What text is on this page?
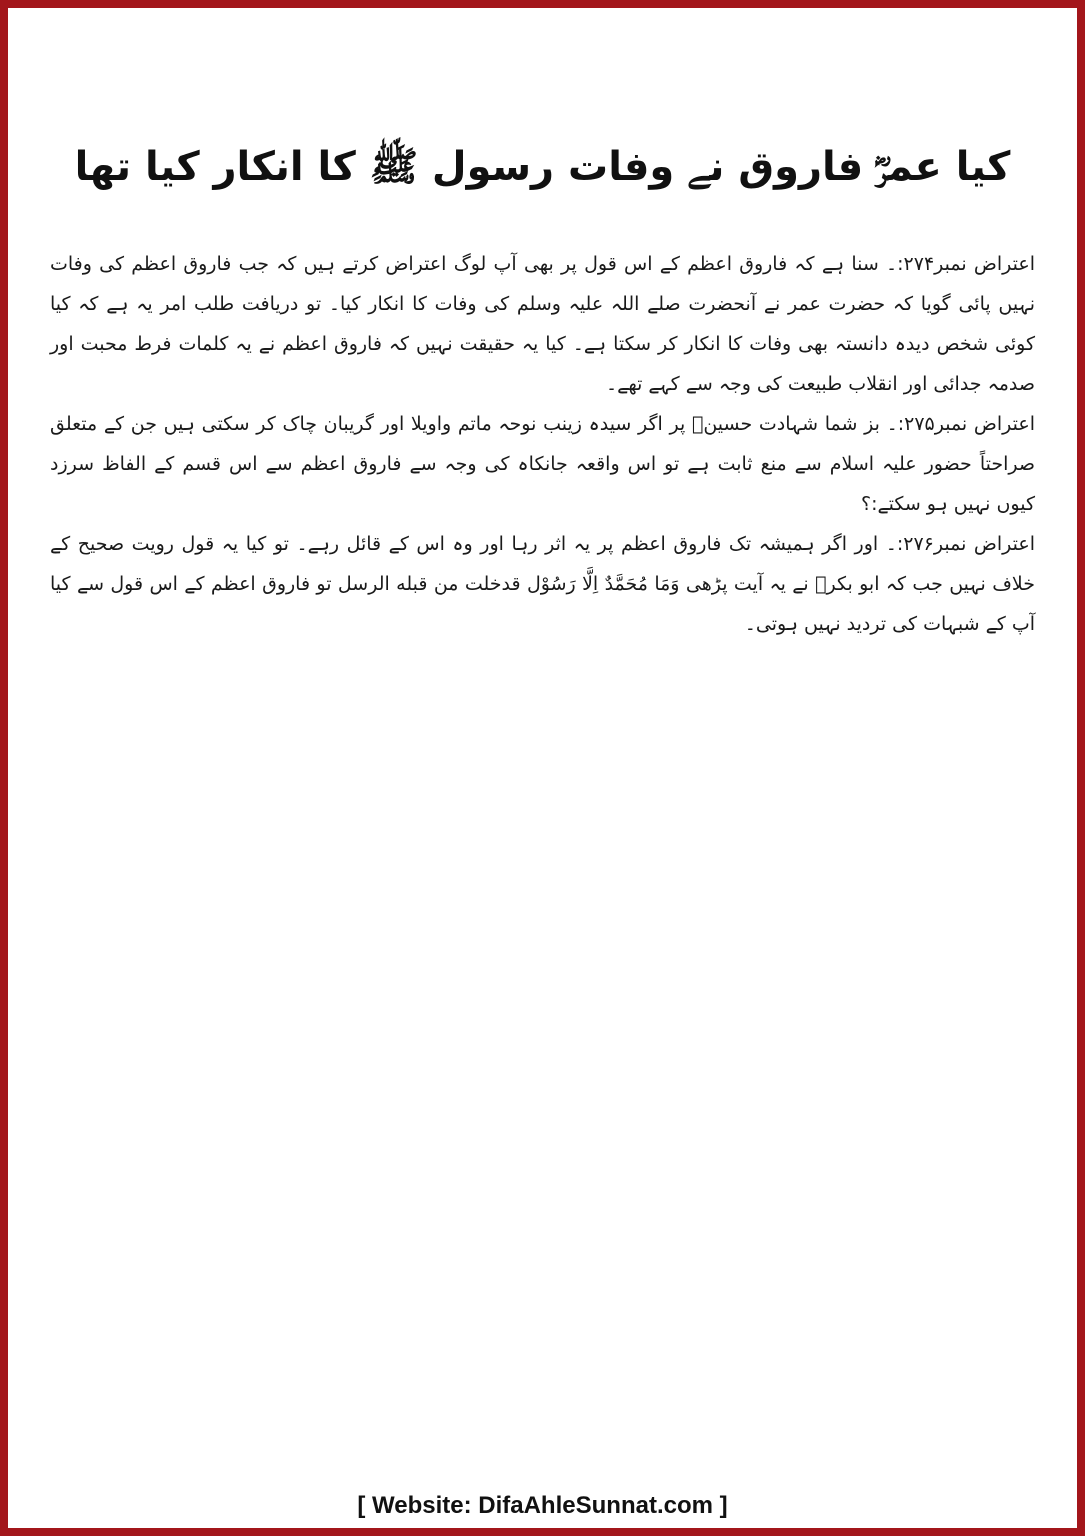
کیا عمرؓ فاروق نے وفات رسول ﷺ کا انکار کیا تھا

اعتراض نمبر۲۷۴:۔ سنا ہے کہ فاروق اعظم کے اس قول پر بھی آپ لوگ اعتراض کرتے ہیں کہ جب فاروق اعظم کی وفات نہیں پائی گویا کہ حضرت عمر نے آنحضرت صلے اللہ علیہ وسلم کی وفات کا انکار کیا۔ تو دریافت طلب امر یہ ہے کہ کیا کوئی شخص دیدہ دانستہ بھی وفات کا انکار کر سکتا ہے۔ کیا یہ حقیقت نہیں کہ فاروق اعظم نے یہ کلمات فرط محبت اور صدمہ جدائی اور انقلاب طبیعت کی وجہ سے کہے تھے۔

اعتراض نمبر۲۷۵:۔ بز شما شہادت حسینؓ پر اگر سیدہ زینب نوحہ ماتم واویلا اور گریبان چاک کر سکتی ہیں جن کے متعلق صراحتاً حضور علیہ اسلام سے منع ثابت ہے تو اس واقعہ جانکاہ کی وجہ سے فاروق اعظم سے اس قسم کے الفاظ سرزد کیوں نہیں ہو سکتے:؟

اعتراض نمبر۲۷۶:۔ اور اگر ہمیشہ تک فاروق اعظم پر یہ اثر رہا اور وہ اس کے قائل رہے۔ تو کیا یہ قول رویت صحیح کے خلاف نہیں جب کہ ابو بکرؓ نے یہ آیت پڑھی وَمَا مُحَمَّدٌ اِلَّا رَسُوْل قدخلت من قبله الرسل تو فاروق اعظم کے اس قول سے کیا آپ کے شبہات کی تردید نہیں ہوتی۔

[ Website: DifaAhleSunnat.com ]
